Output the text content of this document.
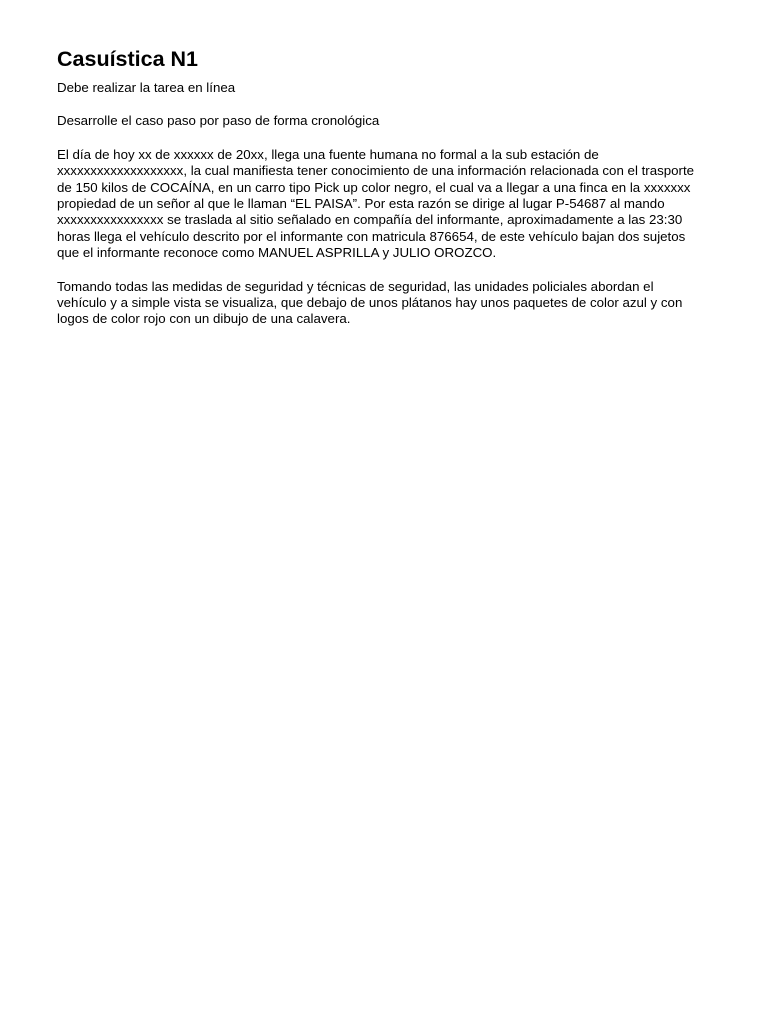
Casuística N1

Debe realizar la tarea en línea

Desarrolle el caso paso por paso de forma cronológica

El día de hoy xx de xxxxxx de 20xx, llega una fuente humana no formal a la sub estación de xxxxxxxxxxxxxxxxxxx, la cual manifiesta tener conocimiento de una información relacionada con el trasporte de 150 kilos de COCAÍNA, en un carro tipo Pick up color negro, el cual va a llegar a una finca en la xxxxxxx propiedad de un señor al que le llaman “EL PAISA”. Por esta razón se dirige al lugar P-54687 al mando xxxxxxxxxxxxxxxx se traslada al sitio señalado en compañía del informante, aproximadamente a las 23:30 horas llega el vehículo descrito por el informante con matricula 876654, de este vehículo bajan dos sujetos que el informante reconoce como MANUEL ASPRILLA y JULIO OROZCO.

Tomando todas las medidas de seguridad y técnicas de seguridad, las unidades policiales abordan el vehículo y a simple vista se visualiza, que debajo de unos plátanos hay unos paquetes de color azul y con logos de color rojo con un dibujo de una calavera.
